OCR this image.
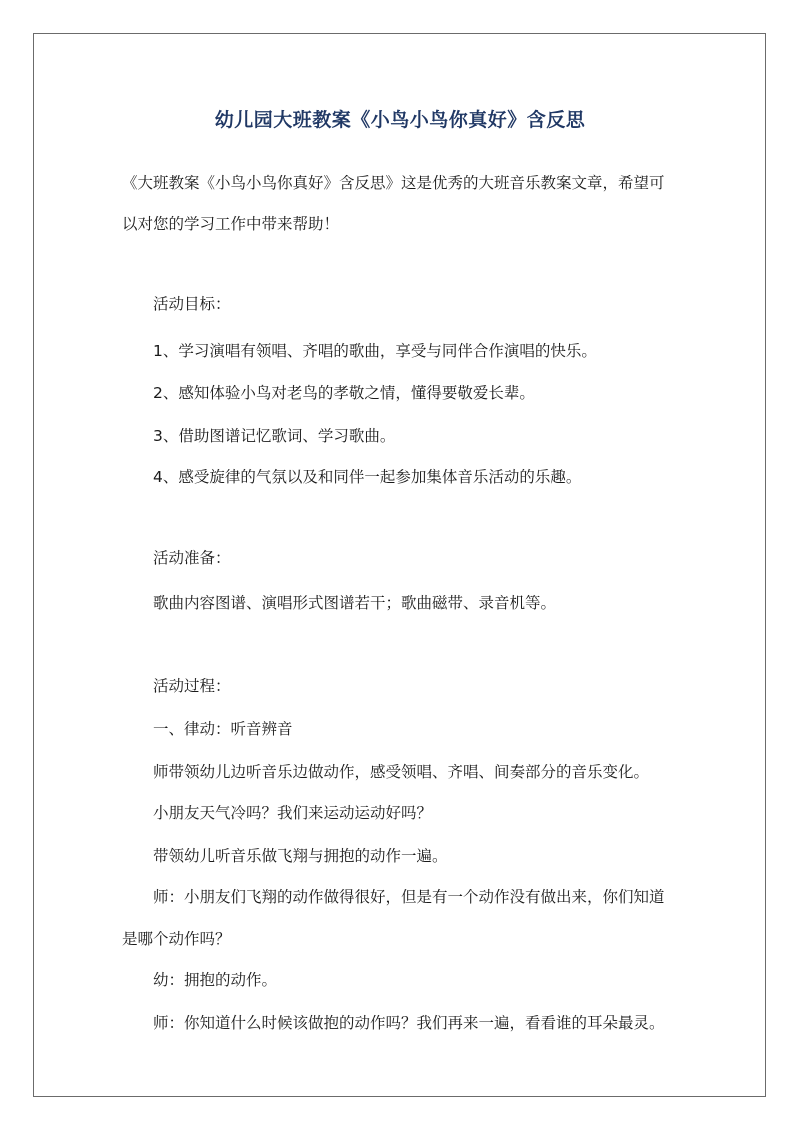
幼儿园大班教案《小鸟小鸟你真好》含反思
《大班教案《小鸟小鸟你真好》含反思》这是优秀的大班音乐教案文章，希望可
以对您的学习工作中带来帮助！
活动目标：
1、学习演唱有领唱、齐唱的歌曲，享受与同伴合作演唱的快乐。
2、感知体验小鸟对老鸟的孝敬之情，懂得要敬爱长辈。
3、借助图谱记忆歌词、学习歌曲。
4、感受旋律的气氛以及和同伴一起参加集体音乐活动的乐趣。
活动准备：
歌曲内容图谱、演唱形式图谱若干；歌曲磁带、录音机等。
活动过程：
一、律动：听音辨音
师带领幼儿边听音乐边做动作，感受领唱、齐唱、间奏部分的音乐变化。
小朋友天气冷吗？我们来运动运动好吗？
带领幼儿听音乐做飞翔与拥抱的动作一遍。
师：小朋友们飞翔的动作做得很好，但是有一个动作没有做出来，你们知道
是哪个动作吗？
幼：拥抱的动作。
师：你知道什么时候该做抱的动作吗？我们再来一遍，看看谁的耳朵最灵。
